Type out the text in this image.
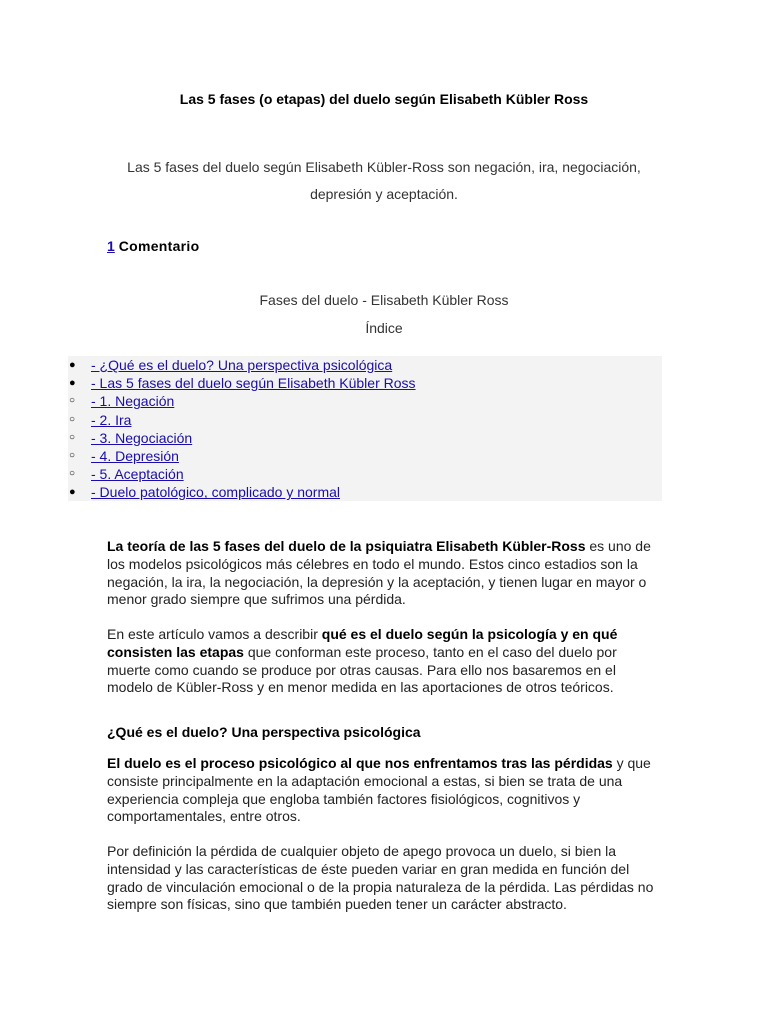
Las 5 fases (o etapas) del duelo según Elisabeth Kübler Ross

Las 5 fases del duelo según Elisabeth Kübler-Ross son negación, ira, negociación, depresión y aceptación.

1 Comentario

Fases del duelo - Elisabeth Kübler Ross

Índice

●	- ¿Qué es el duelo? Una perspectiva psicológica
●	- Las 5 fases del duelo según Elisabeth Kübler Ross
○	- 1. Negación
○	- 2. Ira
○	- 3. Negociación
○	- 4. Depresión
○	- 5. Aceptación
●	- Duelo patológico, complicado y normal

La teoría de las 5 fases del duelo de la psiquiatra Elisabeth Kübler-Ross es uno de los modelos psicológicos más célebres en todo el mundo. Estos cinco estadios son la negación, la ira, la negociación, la depresión y la aceptación, y tienen lugar en mayor o menor grado siempre que sufrimos una pérdida.

En este artículo vamos a describir qué es el duelo según la psicología y en qué consisten las etapas que conforman este proceso, tanto en el caso del duelo por muerte como cuando se produce por otras causas. Para ello nos basaremos en el modelo de Kübler-Ross y en menor medida en las aportaciones de otros teóricos.

¿Qué es el duelo? Una perspectiva psicológica

El duelo es el proceso psicológico al que nos enfrentamos tras las pérdidas y que consiste principalmente en la adaptación emocional a estas, si bien se trata de una experiencia compleja que engloba también factores fisiológicos, cognitivos y comportamentales, entre otros.

Por definición la pérdida de cualquier objeto de apego provoca un duelo, si bien la intensidad y las características de éste pueden variar en gran medida en función del grado de vinculación emocional o de la propia naturaleza de la pérdida. Las pérdidas no siempre son físicas, sino que también pueden tener un carácter abstracto.
